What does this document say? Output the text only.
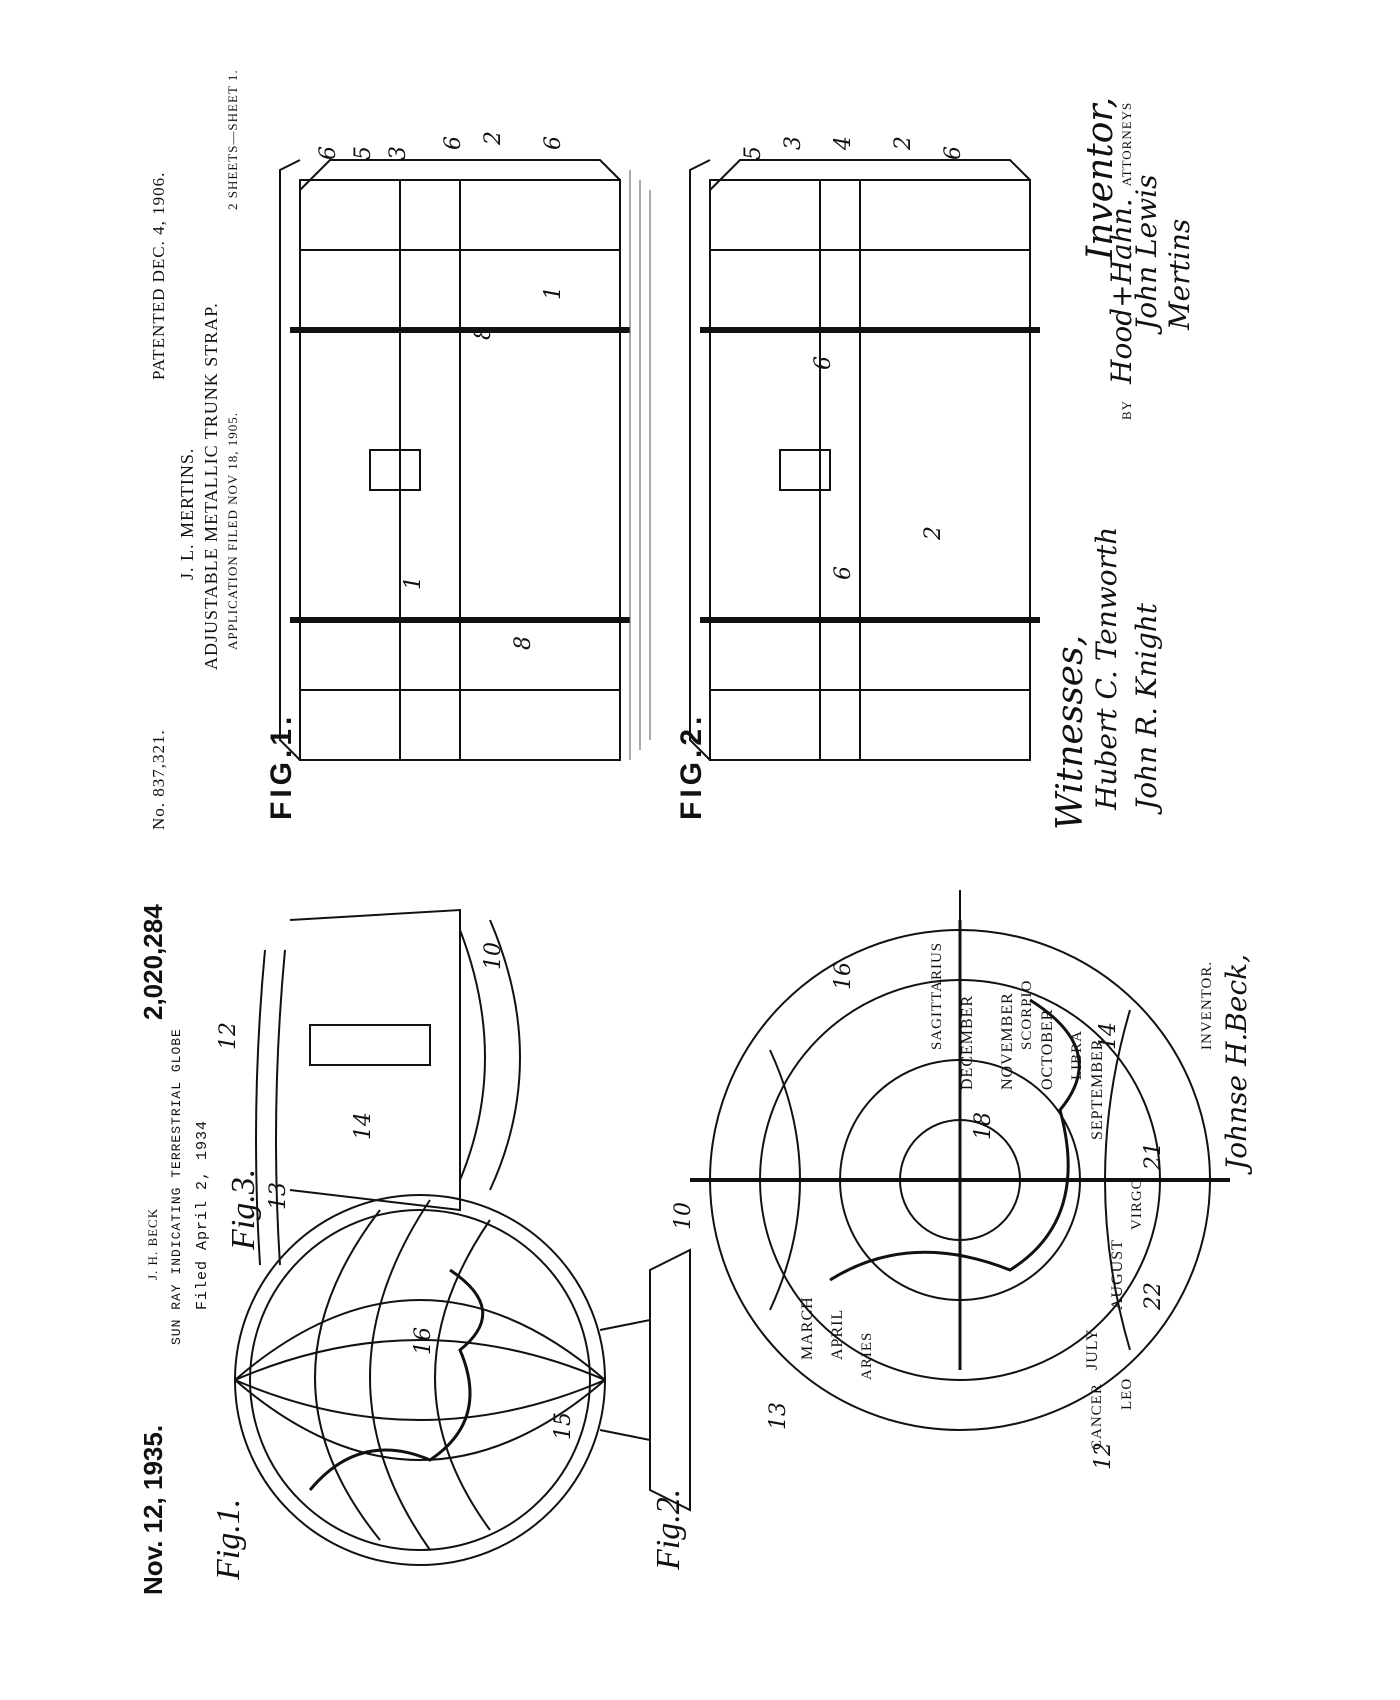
Nov. 12, 1935.
J. H. BECK
2,020,284
SUN RAY INDICATING TERRESTRIAL GLOBE Filed April 2, 1934
Fig.1.
Fig.3.
Fig.2.
15
13
12
14
10
16
10
13
16
14
18
21
22
12
DECEMBER NOVEMBER OCTOBER SEPTEMBER
AUGUST
JULY
APRIL
MARCH
SAGITTARIUS	SCORPIO
LIBRA
VIRGO
LEO
CANCER
ARIES
INVENTOR. Johnse H.Beck,
No. 837,321.
PATENTED DEC. 4, 1906.
J. L. MERTINS. ADJUSTABLE METALLIC TRUNK STRAP. APPLICATION FILED NOV 18, 1905.
2 SHEETS—SHEET 1.
FIG.1.	FIG.2.
6 5 3
6 2 6
8
1
1
8
5
3 4 2
6
6
6
2
Witnesses, Hubert C. Tenworth John R. Knight
Inventor, John Lewis Mertins
BY Hood+Hahn. ATTORNEYS
